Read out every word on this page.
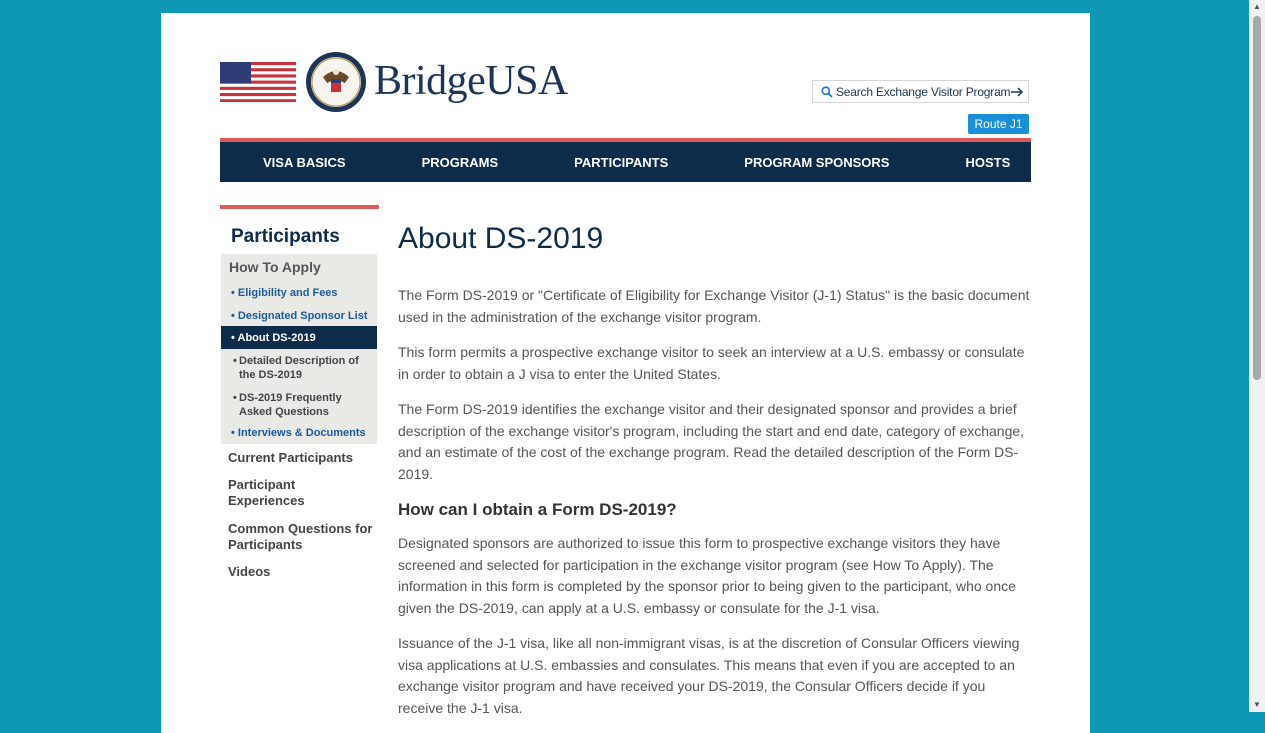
BridgeUSA	Search Exchange Visitor Program
Route J1
VISA BASICS	PROGRAMS	PARTICIPANTS	PROGRAM SPONSORS	HOSTS
Participants
How To Apply
• Eligibility and Fees
• Designated Sponsor List
• About DS-2019
• Detailed Description of the DS-2019
• DS-2019 Frequently Asked Questions
• Interviews & Documents
Current Participants
Participant Experiences
Common Questions for Participants
Videos
About DS-2019
The Form DS-2019 or "Certificate of Eligibility for Exchange Visitor (J-1) Status" is the basic document used in the administration of the exchange visitor program.
This form permits a prospective exchange visitor to seek an interview at a U.S. embassy or consulate in order to obtain a J visa to enter the United States.
The Form DS-2019 identifies the exchange visitor and their designated sponsor and provides a brief description of the exchange visitor's program, including the start and end date, category of exchange, and an estimate of the cost of the exchange program. Read the detailed description of the Form DS-2019.
How can I obtain a Form DS-2019?
Designated sponsors are authorized to issue this form to prospective exchange visitors they have screened and selected for participation in the exchange visitor program (see How To Apply). The information in this form is completed by the sponsor prior to being given to the participant, who once given the DS-2019, can apply at a U.S. embassy or consulate for the J-1 visa.
Issuance of the J-1 visa, like all non-immigrant visas, is at the discretion of Consular Officers viewing visa applications at U.S. embassies and consulates. This means that even if you are accepted to an exchange visitor program and have received your DS-2019, the Consular Officers decide if you receive the J-1 visa.
▲
▼
